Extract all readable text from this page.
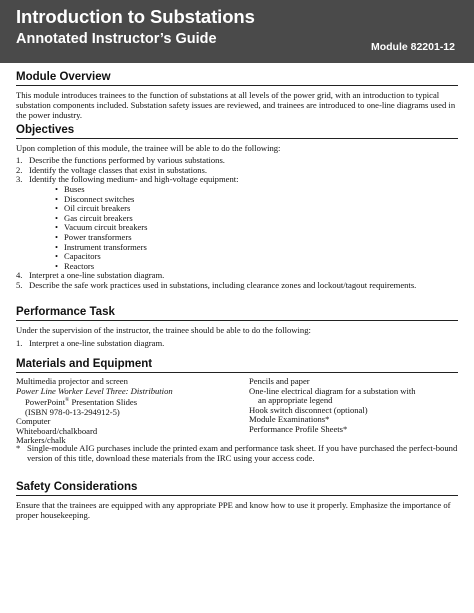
Introduction to Substations
Annotated Instructor’s Guide	Module 82201-12
Module Overview

This module introduces trainees to the function of substations at all levels of the power grid, with an introduction to typical substation components included. Substation safety issues are reviewed, and trainees are introduced to one-line diagrams used in the power industry.

Objectives

Upon completion of this module, the trainee will be able to do the following:

1. Describe the functions performed by various substations.
2. Identify the voltage classes that exist in substations.
3. Identify the following medium- and high-voltage equipment:
• Buses
• Disconnect switches
• Oil circuit breakers
• Gas circuit breakers
• Vacuum circuit breakers
• Power transformers
• Instrument transformers
• Capacitors
• Reactors
4. Interpret a one-line substation diagram.
5. Describe the safe work practices used in substations, including clearance zones and lockout/tagout requirements.
Performance Task

Under the supervision of the instructor, the trainee should be able to do the following:

1. Interpret a one-line substation diagram.
Materials and Equipment
Multimedia projector and screen
Power Line Worker Level Three: Distribution
PowerPoint® Presentation Slides
(ISBN 978-0-13-294912-5)
Computer
Whiteboard/chalkboard
Markers/chalk
Pencils and paper
One-line electrical diagram for a substation with
an appropriate legend
Hook switch disconnect (optional)
Module Examinations*
Performance Profile Sheets*
* Single-module AIG purchases include the printed exam and performance task sheet. If you have purchased the perfect-bound version of this title, download these materials from the IRC using your access code.
Safety Considerations

Ensure that the trainees are equipped with any appropriate PPE and know how to use it properly. Emphasize the importance of proper housekeeping.
